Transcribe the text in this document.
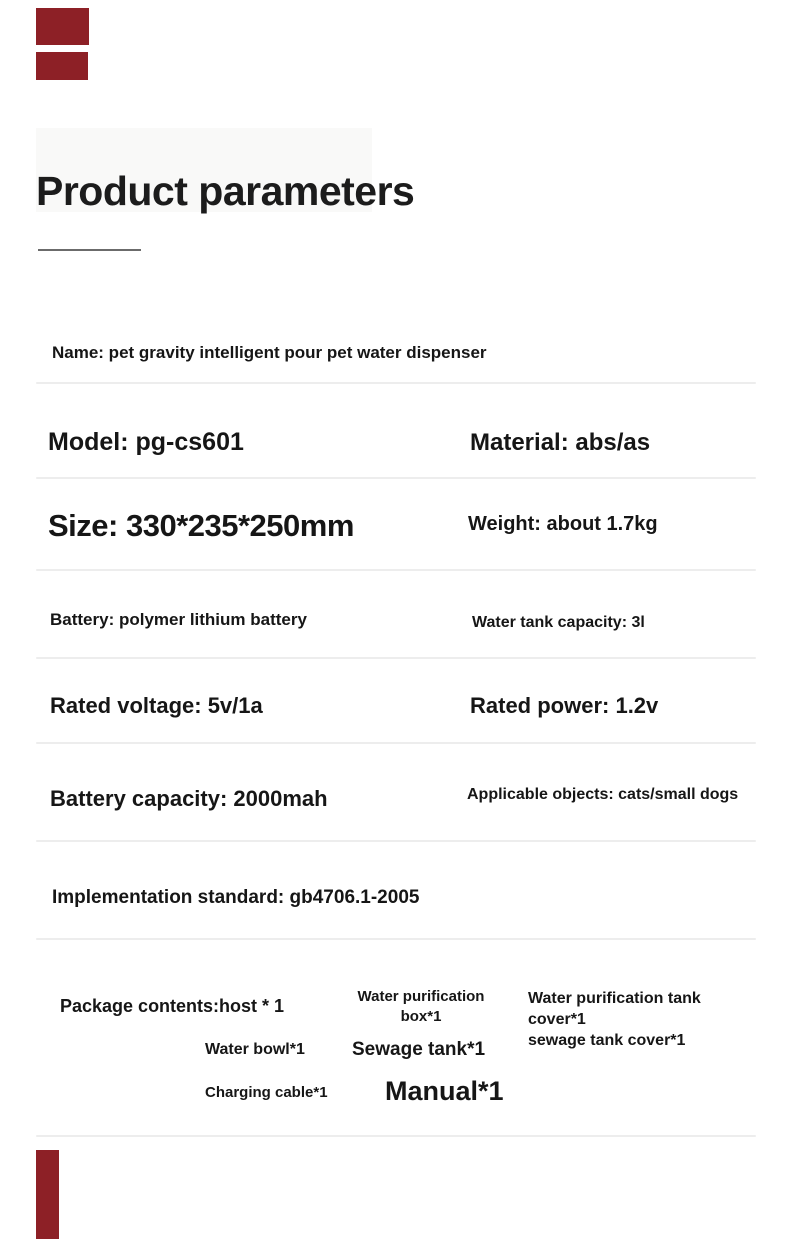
Product parameters
Name: pet gravity intelligent pour pet water dispenser
Model: pg-cs601	Material: abs/as
Size: 330*235*250mm	Weight: about 1.7kg
Battery: polymer lithium battery	Water tank capacity: 3l
Rated voltage: 5v/1a	Rated power: 1.2v
Battery capacity: 2000mah	Applicable objects: cats/small dogs
Implementation standard: gb4706.1-2005
Package contents:host * 1	Water purification box*1
Water purification tank cover*1
sewage tank cover*1
Water bowl*1 Sewage tank*1
Charging cable*1 Manual*1
